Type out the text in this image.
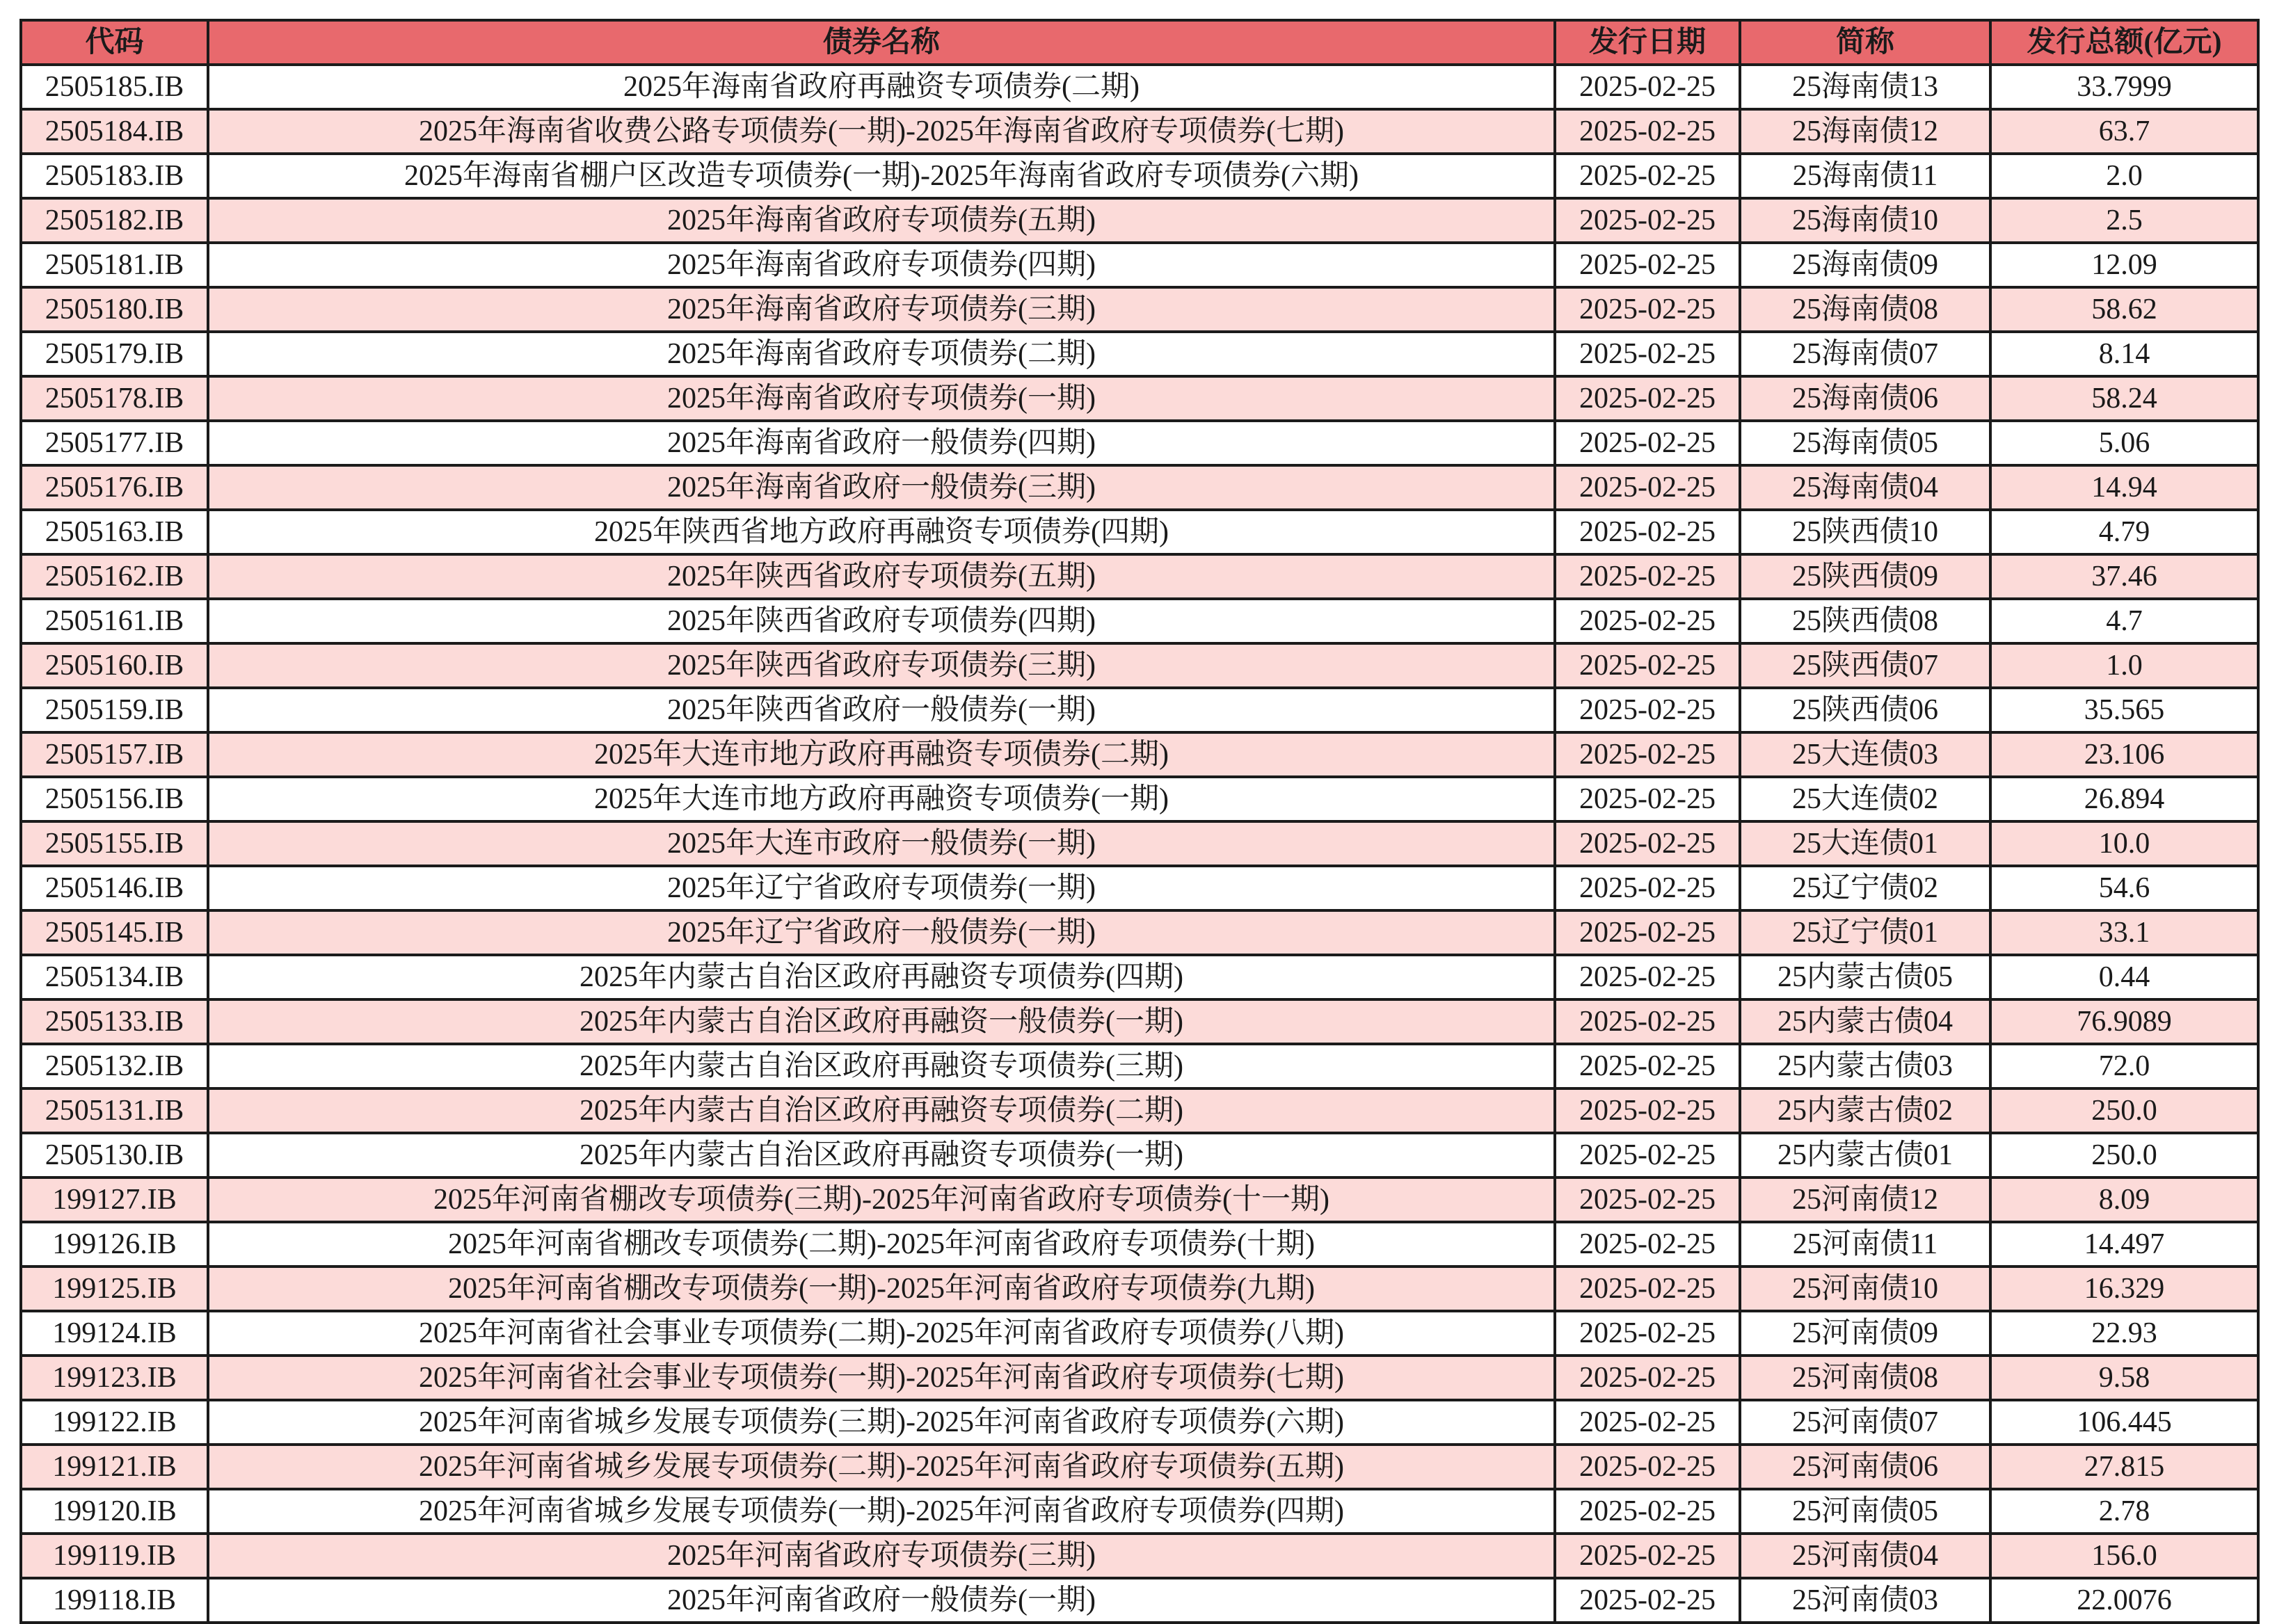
代码	债券名称	发行日期	简称	发行总额(亿元)
2505185.IB	2025年海南省政府再融资专项债券(二期)	2025-02-25	25海南债13	33.7999
2505184.IB	2025年海南省收费公路专项债券(一期)-2025年海南省政府专项债券(七期)	2025-02-25	25海南债12	63.7
2505183.IB	2025年海南省棚户区改造专项债券(一期)-2025年海南省政府专项债券(六期)	2025-02-25	25海南债11	2.0
2505182.IB	2025年海南省政府专项债券(五期)	2025-02-25	25海南债10	2.5
2505181.IB	2025年海南省政府专项债券(四期)	2025-02-25	25海南债09	12.09
2505180.IB	2025年海南省政府专项债券(三期)	2025-02-25	25海南债08	58.62
2505179.IB	2025年海南省政府专项债券(二期)	2025-02-25	25海南债07	8.14
2505178.IB	2025年海南省政府专项债券(一期)	2025-02-25	25海南债06	58.24
2505177.IB	2025年海南省政府一般债券(四期)	2025-02-25	25海南债05	5.06
2505176.IB	2025年海南省政府一般债券(三期)	2025-02-25	25海南债04	14.94
2505163.IB	2025年陕西省地方政府再融资专项债券(四期)	2025-02-25	25陕西债10	4.79
2505162.IB	2025年陕西省政府专项债券(五期)	2025-02-25	25陕西债09	37.46
2505161.IB	2025年陕西省政府专项债券(四期)	2025-02-25	25陕西债08	4.7
2505160.IB	2025年陕西省政府专项债券(三期)	2025-02-25	25陕西债07	1.0
2505159.IB	2025年陕西省政府一般债券(一期)	2025-02-25	25陕西债06	35.565
2505157.IB	2025年大连市地方政府再融资专项债券(二期)	2025-02-25	25大连债03	23.106
2505156.IB	2025年大连市地方政府再融资专项债券(一期)	2025-02-25	25大连债02	26.894
2505155.IB	2025年大连市政府一般债券(一期)	2025-02-25	25大连债01	10.0
2505146.IB	2025年辽宁省政府专项债券(一期)	2025-02-25	25辽宁债02	54.6
2505145.IB	2025年辽宁省政府一般债券(一期)	2025-02-25	25辽宁债01	33.1
2505134.IB	2025年内蒙古自治区政府再融资专项债券(四期)	2025-02-25	25内蒙古债05	0.44
2505133.IB	2025年内蒙古自治区政府再融资一般债券(一期)	2025-02-25	25内蒙古债04	76.9089
2505132.IB	2025年内蒙古自治区政府再融资专项债券(三期)	2025-02-25	25内蒙古债03	72.0
2505131.IB	2025年内蒙古自治区政府再融资专项债券(二期)	2025-02-25	25内蒙古债02	250.0
2505130.IB	2025年内蒙古自治区政府再融资专项债券(一期)	2025-02-25	25内蒙古债01	250.0
199127.IB	2025年河南省棚改专项债券(三期)-2025年河南省政府专项债券(十一期)	2025-02-25	25河南债12	8.09
199126.IB	2025年河南省棚改专项债券(二期)-2025年河南省政府专项债券(十期)	2025-02-25	25河南债11	14.497
199125.IB	2025年河南省棚改专项债券(一期)-2025年河南省政府专项债券(九期)	2025-02-25	25河南债10	16.329
199124.IB	2025年河南省社会事业专项债券(二期)-2025年河南省政府专项债券(八期)	2025-02-25	25河南债09	22.93
199123.IB	2025年河南省社会事业专项债券(一期)-2025年河南省政府专项债券(七期)	2025-02-25	25河南债08	9.58
199122.IB	2025年河南省城乡发展专项债券(三期)-2025年河南省政府专项债券(六期)	2025-02-25	25河南债07	106.445
199121.IB	2025年河南省城乡发展专项债券(二期)-2025年河南省政府专项债券(五期)	2025-02-25	25河南债06	27.815
199120.IB	2025年河南省城乡发展专项债券(一期)-2025年河南省政府专项债券(四期)	2025-02-25	25河南债05	2.78
199119.IB	2025年河南省政府专项债券(三期)	2025-02-25	25河南债04	156.0
199118.IB	2025年河南省政府一般债券(一期)	2025-02-25	25河南债03	22.0076
